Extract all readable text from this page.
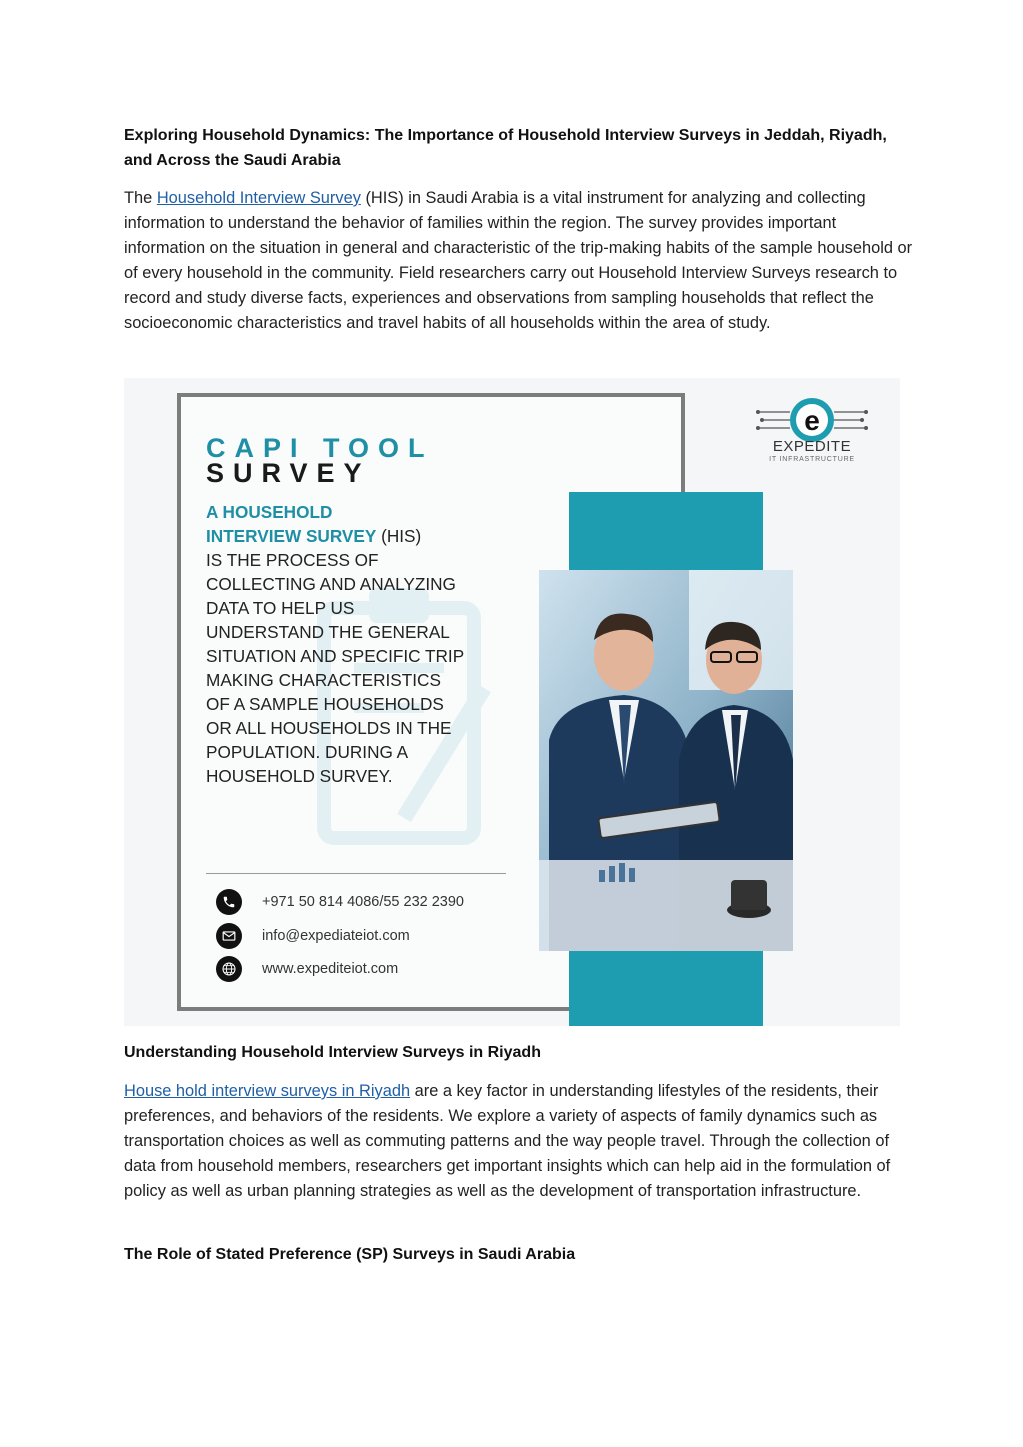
Exploring Household Dynamics: The Importance of Household Interview Surveys in Jeddah, Riyadh, and Across the Saudi Arabia

The Household Interview Survey (HIS) in Saudi Arabia is a vital instrument for analyzing and collecting information to understand the behavior of families within the region. The survey provides important information on the situation in general and characteristic of the trip-making habits of the sample household or of every household in the community. Field researchers carry out Household Interview Surveys research to record and study diverse facts, experiences and observations from sampling households that reflect the socioeconomic characteristics and travel habits of all households within the area of study.

CAPI TOOL
SURVEY
A HOUSEHOLD
INTERVIEW SURVEY (HIS)
IS THE PROCESS OF COLLECTING AND ANALYZING DATA TO HELP US UNDERSTAND THE GENERAL SITUATION AND SPECIFIC TRIP MAKING CHARACTERISTICS OF A SAMPLE HOUSEHOLDS OR ALL HOUSEHOLDS IN THE POPULATION. DURING A HOUSEHOLD SURVEY.
+971 50 814 4086/55 232 2390
info@expediateiot.com
www.expediteiot.com
e
EXPEDITE
IT INFRASTRUCTURE
Understanding Household Interview Surveys in Riyadh

House hold interview surveys in Riyadh are a key factor in understanding lifestyles of the residents, their preferences, and behaviors of the residents. We explore a variety of aspects of family dynamics such as transportation choices as well as commuting patterns and the way people travel. Through the collection of data from household members, researchers get important insights which can help aid in the formulation of policy as well as urban planning strategies as well as the development of transportation infrastructure.

The Role of Stated Preference (SP) Surveys in Saudi Arabia
